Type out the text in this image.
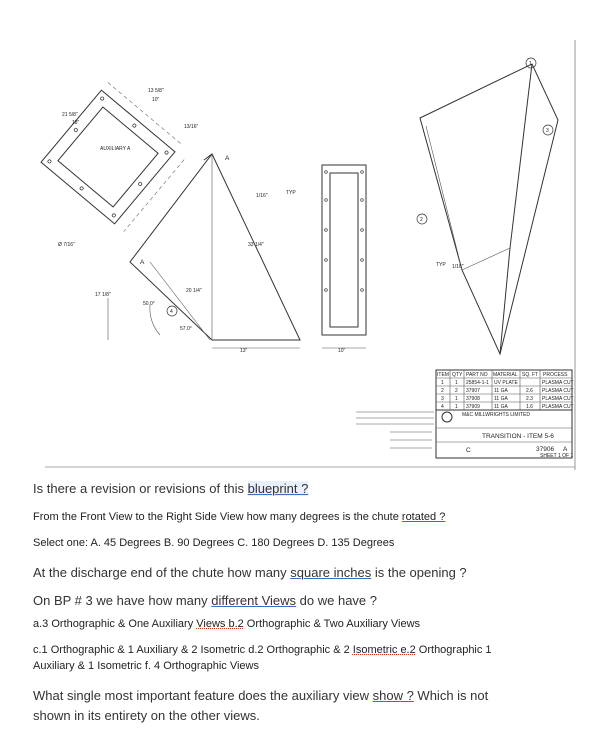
AUXILIARY A
21 5/8"
18"
13 5/8"
10"
13/16"
Ø 7/16"
A
A
33 1/4"
20 1/4"
17 1/8"
50.0°
57.0°
13"
1/16"	TYP
10"
TYP 1/16"
1
2
3
4
ITEM QTY PART NO MATERIAL SQ. FT PROCESS
1 1 25854-1-1 UV PLATE	PLASMA CUT
2 2 37907	11 GA	2.6 PLASMA CUT
3 1 37908	11 GA	2.3 PLASMA CUT
4 1 37909	11 GA	1.6 PLASMA CUT
M&C MILLWRIGHTS LIMITED
TRANSITION - ITEM 5-6
C	37906 A
SHEET 1 OF 1

Is there a revision or revisions of this blueprint ?

From the Front View to the Right Side View how many degrees is the chute rotated ?

Select one: A. 45 Degrees B. 90 Degrees C. 180 Degrees D. 135 Degrees

At the discharge end of the chute how many square inches is the opening ?

On BP # 3 we have how many different Views do we have ?

a.3 Orthographic & One Auxiliary Views b.2 Orthographic & Two Auxiliary Views

c.1 Orthographic & 1 Auxiliary & 2 Isometric d.2 Orthographic & 2 Isometric e.2 Orthographic 1

Auxiliary & 1 Isometric f. 4 Orthographic Views

What single most important feature does the auxiliary view show ? Which is not

shown in its entirety on the other views.
